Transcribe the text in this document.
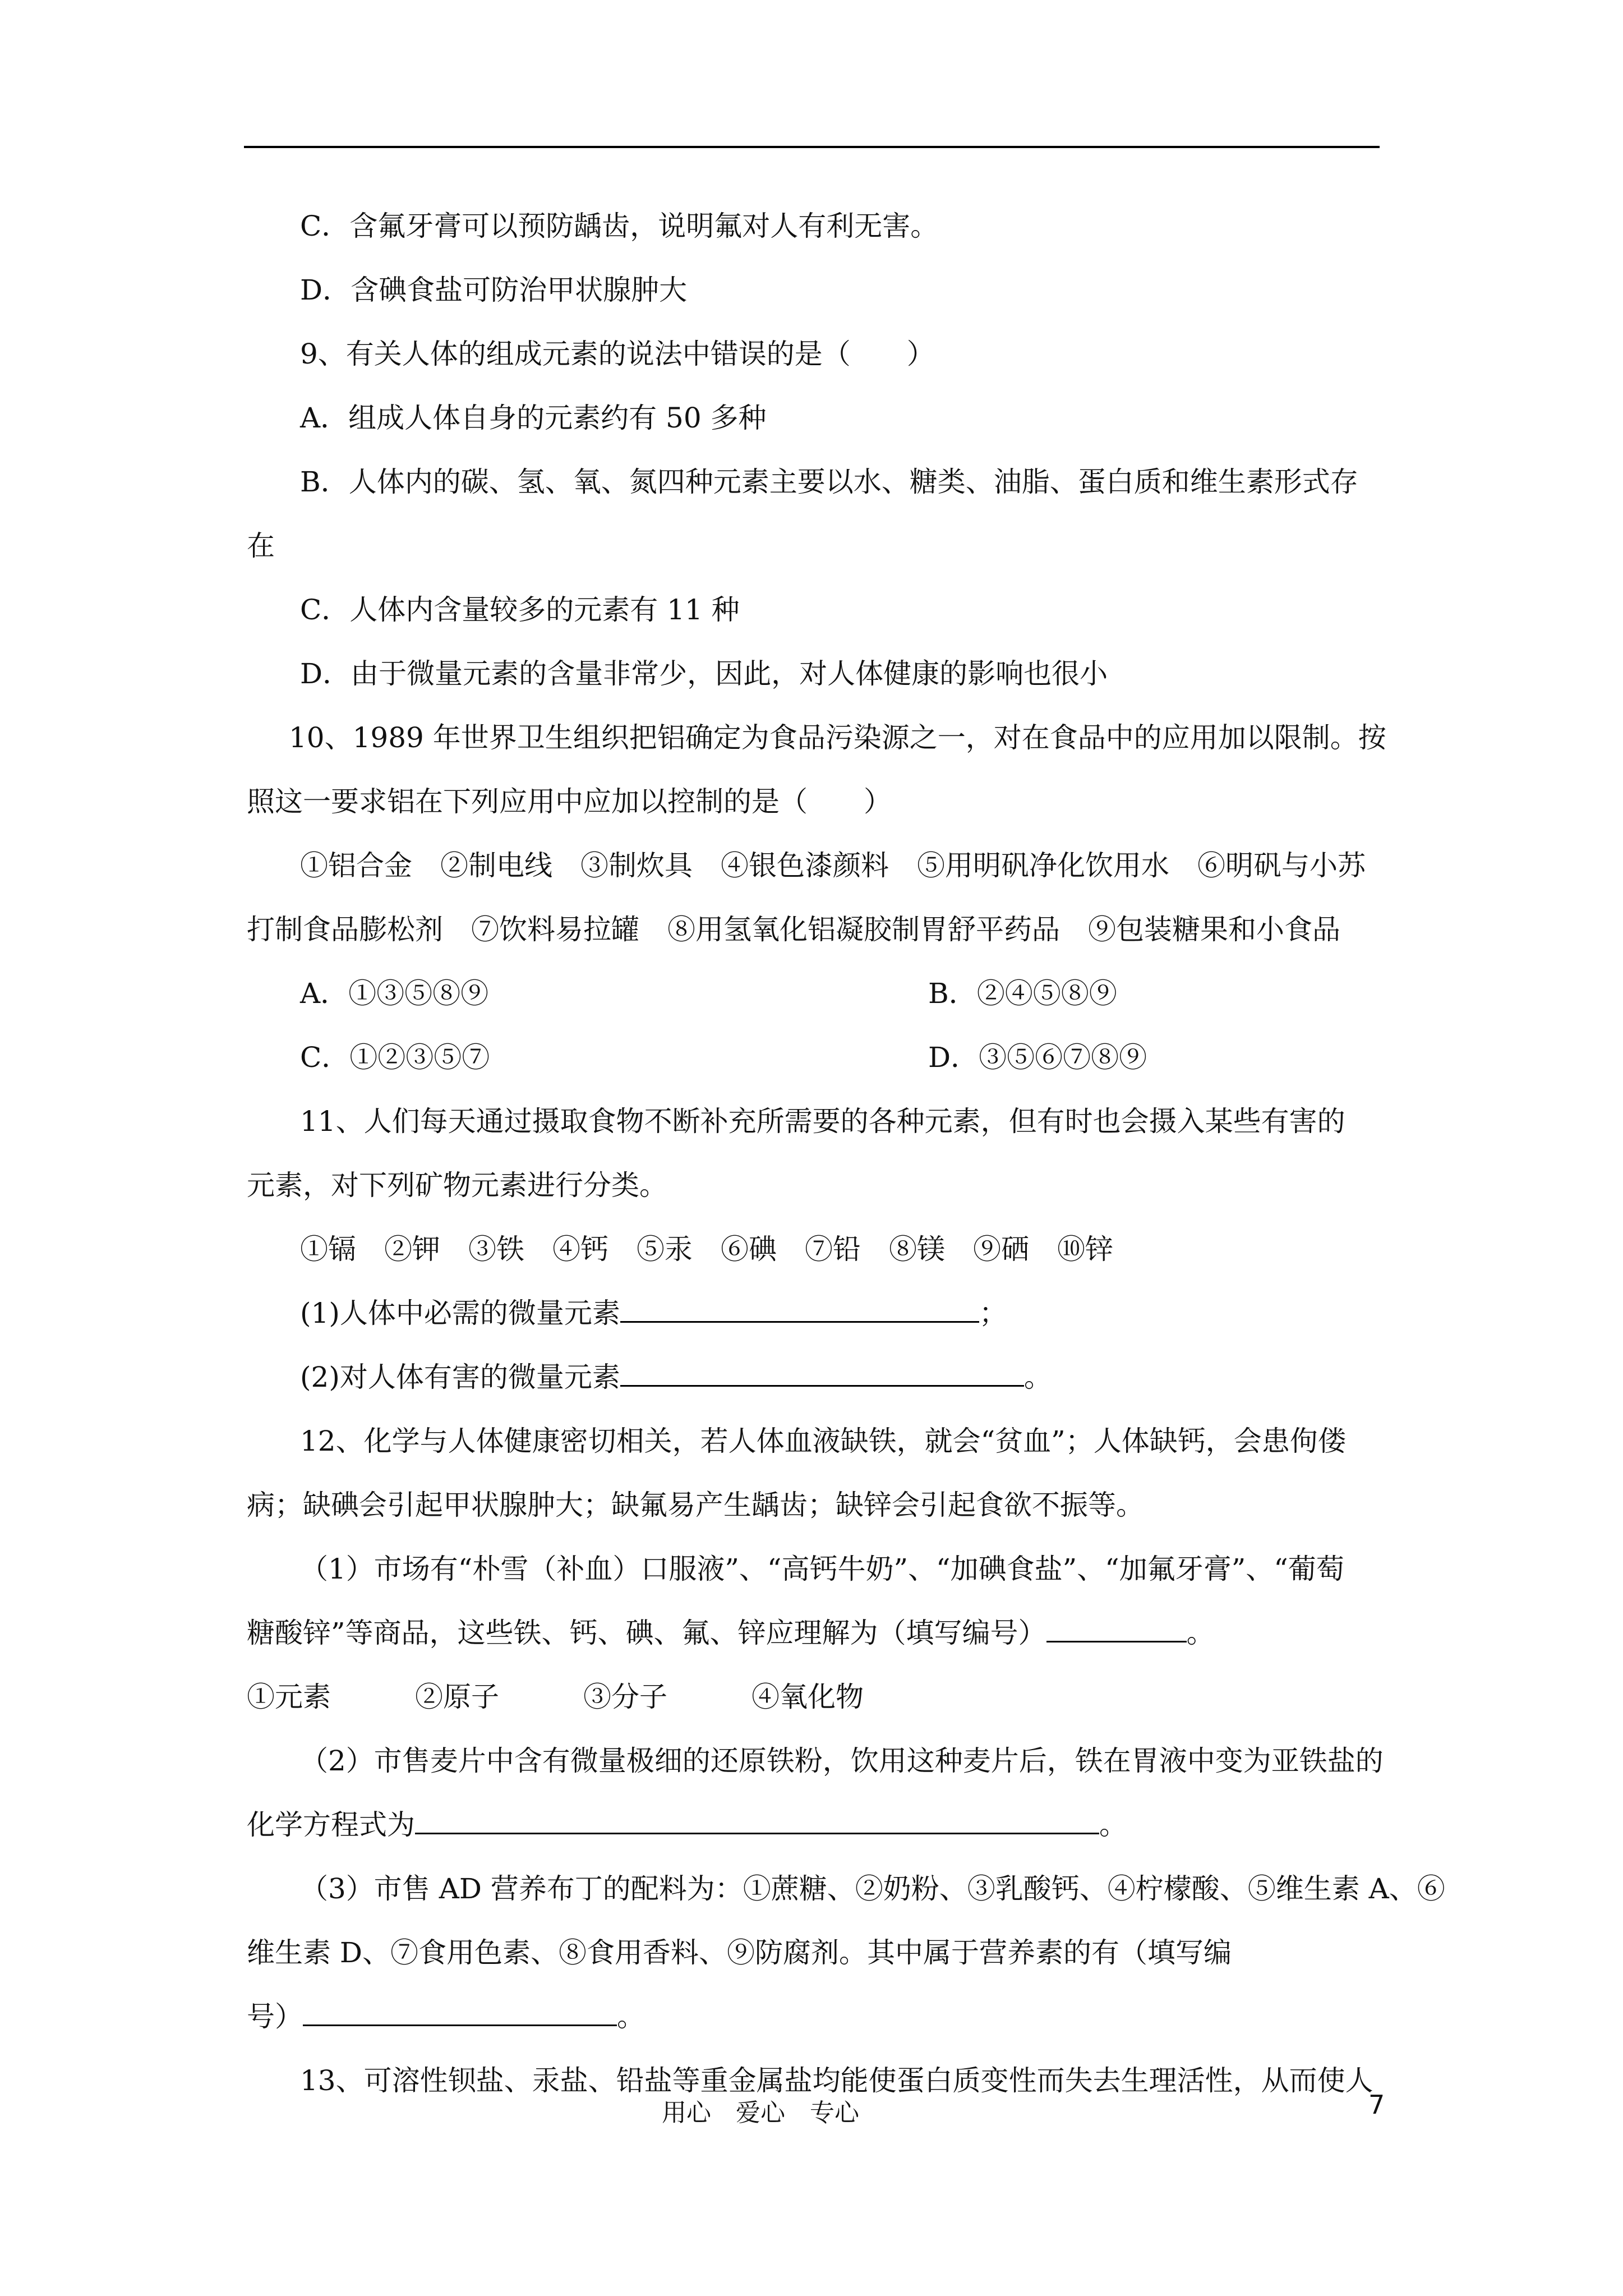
C．含氟牙膏可以预防龋齿，说明氟对人有利无害。
D．含碘食盐可防治甲状腺肿大
9、有关人体的组成元素的说法中错误的是（　　）
A．组成人体自身的元素约有 50 多种
B．人体内的碳、氢、氧、氮四种元素主要以水、糖类、油脂、蛋白质和维生素形式存
在
C．人体内含量较多的元素有 11 种
D．由于微量元素的含量非常少，因此，对人体健康的影响也很小
10、1989 年世界卫生组织把铝确定为食品污染源之一，对在食品中的应用加以限制。按
照这一要求铝在下列应用中应加以控制的是（　　）
①铝合金　②制电线　③制炊具　④银色漆颜料　⑤用明矾净化饮用水　⑥明矾与小苏
打制食品膨松剂　⑦饮料易拉罐　⑧用氢氧化铝凝胶制胃舒平药品　⑨包装糖果和小食品
A．①③⑤⑧⑨	B．②④⑤⑧⑨
C．①②③⑤⑦	D．③⑤⑥⑦⑧⑨
11、人们每天通过摄取食物不断补充所需要的各种元素，但有时也会摄入某些有害的
元素，对下列矿物元素进行分类。
①镉　②钾　③铁　④钙　⑤汞　⑥碘　⑦铅　⑧镁　⑨硒　⑩锌
(1)人体中必需的微量元素	；
(2)对人体有害的微量元素	。
12、化学与人体健康密切相关，若人体血液缺铁，就会“贫血”；人体缺钙，会患佝偻
病；缺碘会引起甲状腺肿大；缺氟易产生龋齿；缺锌会引起食欲不振等。
（1）市场有“朴雪（补血）口服液”、“高钙牛奶”、“加碘食盐”、“加氟牙膏”、“葡萄
糖酸锌”等商品，这些铁、钙、碘、氟、锌应理解为（填写编号）	。
①元素　　　②原子　　　③分子　　　④氧化物
（2）市售麦片中含有微量极细的还原铁粉，饮用这种麦片后，铁在胃液中变为亚铁盐的
化学方程式为	。
（3）市售 AD 营养布丁的配料为：①蔗糖、②奶粉、③乳酸钙、④柠檬酸、⑤维生素 A、⑥
维生素 D、⑦食用色素、⑧食用香料、⑨防腐剂。其中属于营养素的有（填写编
号）	。
13、可溶性钡盐、汞盐、铅盐等重金属盐均能使蛋白质变性而失去生理活性，从而使人
用心　爱心　专心	7
